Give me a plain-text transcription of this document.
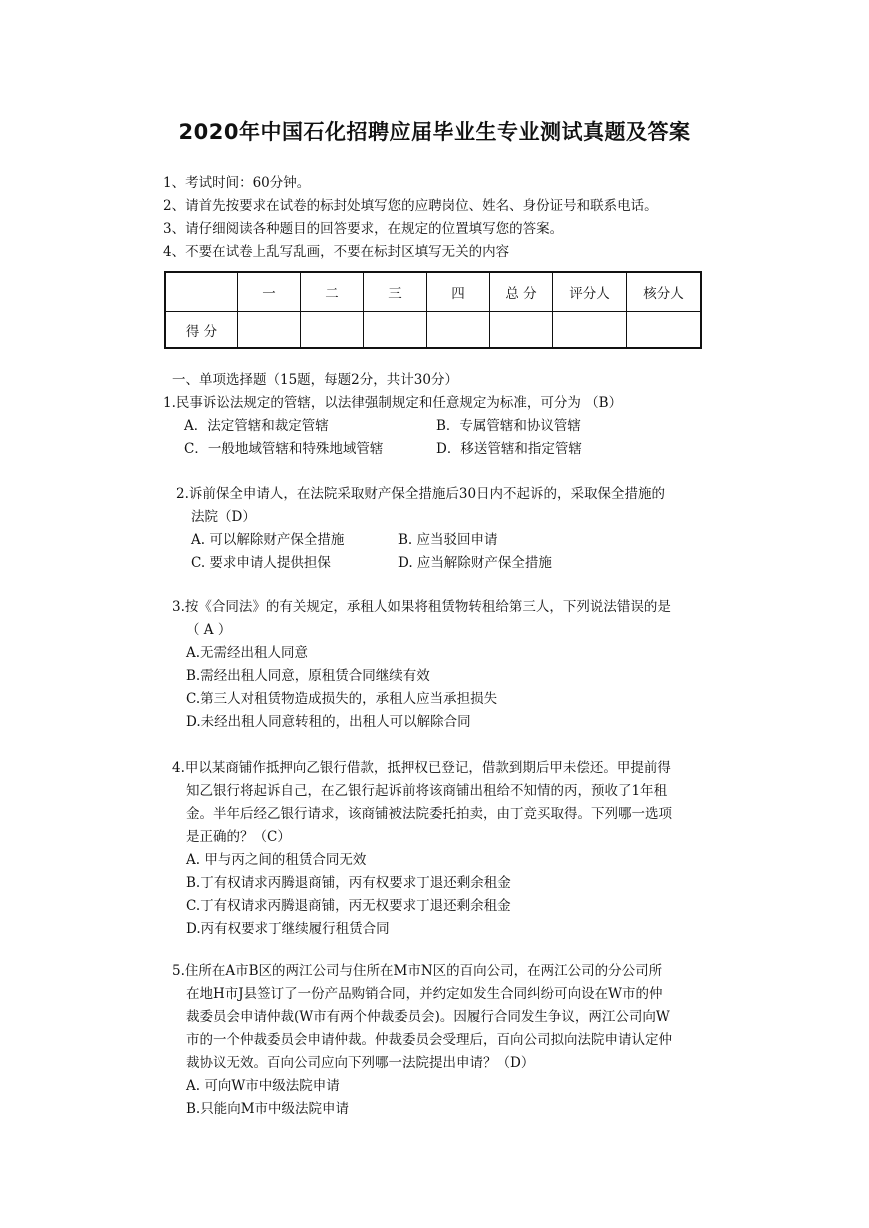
2020年中国石化招聘应届毕业生专业测试真题及答案

1、考试时间：60分钟。

2、请首先按要求在试卷的标封处填写您的应聘岗位、姓名、身份证号和联系电话。

3、请仔细阅读各种题目的回答要求，在规定的位置填写您的答案。

4、不要在试卷上乱写乱画，不要在标封区填写无关的内容

	一	二	三	四	总 分	评分人	核分人
得 分							

一、单项选择题（15题，每题2分，共计30分）

1.民事诉讼法规定的管辖，以法律强制规定和任意规定为标准，可分为 （B）
A．法定管辖和裁定管辖	B．专属管辖和协议管辖
C．一般地域管辖和特殊地域管辖	D．移送管辖和指定管辖
2.诉前保全申请人，在法院采取财产保全措施后30日内不起诉的，采取保全措施的
法院（D）
A. 可以解除财产保全措施	B. 应当驳回申请
C. 要求申请人提供担保	D. 应当解除财产保全措施
3.按《合同法》的有关规定，承租人如果将租赁物转租给第三人，下列说法错误的是
（ A ）
A.无需经出租人同意
B.需经出租人同意，原租赁合同继续有效
C.第三人对租赁物造成损失的，承租人应当承担损失
D.未经出租人同意转租的，出租人可以解除合同
4.甲以某商铺作抵押向乙银行借款，抵押权已登记，借款到期后甲未偿还。甲提前得
知乙银行将起诉自己，在乙银行起诉前将该商铺出租给不知情的丙，预收了1年租
金。半年后经乙银行请求，该商铺被法院委托拍卖，由丁竞买取得。下列哪一选项
是正确的？（C）
A. 甲与丙之间的租赁合同无效
B.丁有权请求丙腾退商铺，丙有权要求丁退还剩余租金
C.丁有权请求丙腾退商铺，丙无权要求丁退还剩余租金
D.丙有权要求丁继续履行租赁合同
5.住所在A市B区的两江公司与住所在M市N区的百向公司，在两江公司的分公司所
在地H市J县签订了一份产品购销合同，并约定如发生合同纠纷可向设在W市的仲
裁委员会申请仲裁(W市有两个仲裁委员会)。因履行合同发生争议，两江公司向W
市的一个仲裁委员会申请仲裁。仲裁委员会受理后，百向公司拟向法院申请认定仲
裁协议无效。百向公司应向下列哪一法院提出申请？（D）
A. 可向W市中级法院申请
B.只能向M市中级法院申请
